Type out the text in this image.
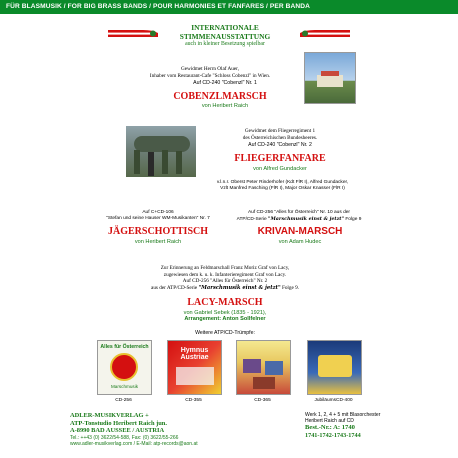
FÜR BLASMUSIK / FOR BIG BRASS BANDS / POUR HARMONIES ET FANFARES / PER BANDA
INTERNATIONALE
STIMMENAUSSTATTUNG
auch in kleiner Besetzung spielbar
Gewidmet Herrn Olaf Auer,
Inhaber vom Restaurant-Cafe "Schloss Cobenzl" in Wien.
Auf CD-240 "Cobenzl" Nr. 1
COBENZLMARSCH
von Heribert Raich
Gewidmet dem Fliegerregiment 1
des Österreichischen Bundesheeres.
Auf CD-240 "Cobenzl" Nr. 2
FLIEGERFANFARE
von Alfred Gundacker
v.l.n.r. Oberst Peter Rinderhofer (Kdt FlR I), Alfred Gundacker,
Vzlt Manfred Fasching (FlR I), Major Oskar Knasser (FlR I)
Auf C+CD-106
"Stefan und seine Hauser WM-Musikanten" Nr. 7
JÄGERSCHOTTISCH
von Heribert Raich
Auf CD-256 "Alles für Österreich" Nr. 10 aus der
ATP/CD-Serie "Marschmusik einst & jetzt" Folge 9
KRIVAN-MARSCH
von Adam Hudec
Zur Erinnerung an Feldmarschall Franz Moriz Graf von Lacy,
zugewiesen dem k. u. k. Infanterieregiment Graf von Lacy.
Auf CD-256 "Alles für Österreich" Nr. 2
aus der ATP/CD-Serie "Marschmusik einst & jetzt" Folge 9.
LACY-MARSCH
von Gabriel Sebek (1835 - 1921),
Arrangement: Anton Sollfelner
Weitere ATP/CD-Trümpfe:
Alles für Österreich
Marschmusik
Hymnus Austriae
CD-256	CD-355	CD-365	JubiläumsCD-400
ADLER-MUSIKVERLAG +
ATP-Tonstudio Heribert Raich jun.
A-8990 BAD AUSSEE / AUSTRIA
Tel.: ++43 (0) 3622/54-588, Fax: (0) 3622/55-266
www.adler-musikverlag.com / E-Mail: atp-records@aon.at
Werk 1, 2, 4 + 5 mit Blasorchester
Heribert Raich auf CD
Best.-Nr.: A: 1740
1741-1742-1743-1744
